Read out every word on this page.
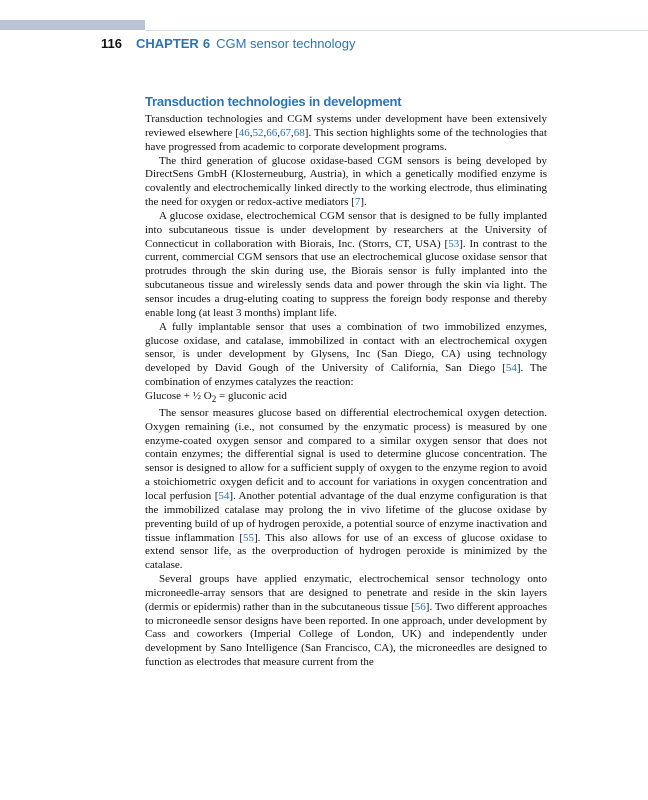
116 CHAPTER 6 CGM sensor technology
Transduction technologies in development

Transduction technologies and CGM systems under development have been extensively reviewed elsewhere [46,52,66,67,68]. This section highlights some of the technologies that have progressed from academic to corporate development programs.

The third generation of glucose oxidase-based CGM sensors is being developed by DirectSens GmbH (Klosterneuburg, Austria), in which a genetically modified enzyme is covalently and electrochemically linked directly to the working electrode, thus eliminating the need for oxygen or redox-active mediators [7].

A glucose oxidase, electrochemical CGM sensor that is designed to be fully implanted into subcutaneous tissue is under development by researchers at the University of Connecticut in collaboration with Biorais, Inc. (Storrs, CT, USA) [53]. In contrast to the current, commercial CGM sensors that use an electrochemical glucose oxidase sensor that protrudes through the skin during use, the Biorais sensor is fully implanted into the subcutaneous tissue and wirelessly sends data and power through the skin via light. The sensor incudes a drug-eluting coating to suppress the foreign body response and thereby enable long (at least 3 months) implant life.

A fully implantable sensor that uses a combination of two immobilized enzymes, glucose oxidase, and catalase, immobilized in contact with an electrochemical oxygen sensor, is under development by Glysens, Inc (San Diego, CA) using technology developed by David Gough of the University of California, San Diego [54]. The combination of enzymes catalyzes the reaction:

Glucose + ½ $O_2$ = gluconic acid

The sensor measures glucose based on differential electrochemical oxygen detection. Oxygen remaining (i.e., not consumed by the enzymatic process) is measured by one enzyme-coated oxygen sensor and compared to a similar oxygen sensor that does not contain enzymes; the differential signal is used to determine glucose concentration. The sensor is designed to allow for a sufficient supply of oxygen to the enzyme region to avoid a stoichiometric oxygen deficit and to account for variations in oxygen concentration and local perfusion [54]. Another potential advantage of the dual enzyme configuration is that the immobilized catalase may prolong the in vivo lifetime of the glucose oxidase by preventing build of up of hydrogen peroxide, a potential source of enzyme inactivation and tissue inflammation [55]. This also allows for use of an excess of glucose oxidase to extend sensor life, as the overproduction of hydrogen peroxide is minimized by the catalase.

Several groups have applied enzymatic, electrochemical sensor technology onto microneedle-array sensors that are designed to penetrate and reside in the skin layers (dermis or epidermis) rather than in the subcutaneous tissue [56]. Two different approaches to microneedle sensor designs have been reported. In one approach, under development by Cass and coworkers (Imperial College of London, UK) and independently under development by Sano Intelligence (San Francisco, CA), the microneedles are designed to function as electrodes that measure current from the
